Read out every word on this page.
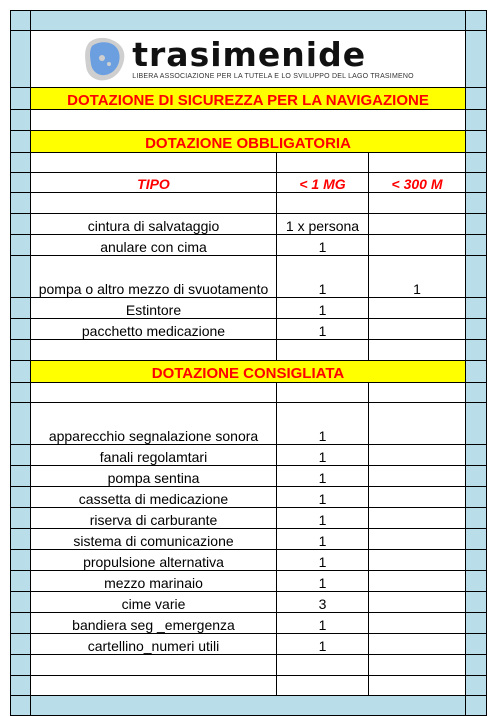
	trasimenide
LIBERA ASSOCIAZIONE PER LA TUTELA E LO SVILUPPO DEL LAGO TRASIMENO			

	DOTAZIONE DI SICUREZZA PER LA NAVIGAZIONE			

	DOTAZIONE OBBLIGATORIA			

	TIPO	< 1 MG	< 300 M	

	cintura di salvataggio	1 x persona		
	anulare con cima	1		
	pompa o altro mezzo di svuotamento	1	1	
	Estintore	1		
	pacchetto medicazione	1		

	DOTAZIONE CONSIGLIATA			

	apparecchio segnalazione sonora	1		
	fanali regolamtari	1		
	pompa sentina	1		
	cassetta di medicazione	1		
	riserva di carburante	1		
	sistema di comunicazione	1		
	propulsione alternativa	1		
	mezzo marinaio	1		
	cime varie	3		
	bandiera seg _emergenza	1		
	cartellino_numeri utili	1		
